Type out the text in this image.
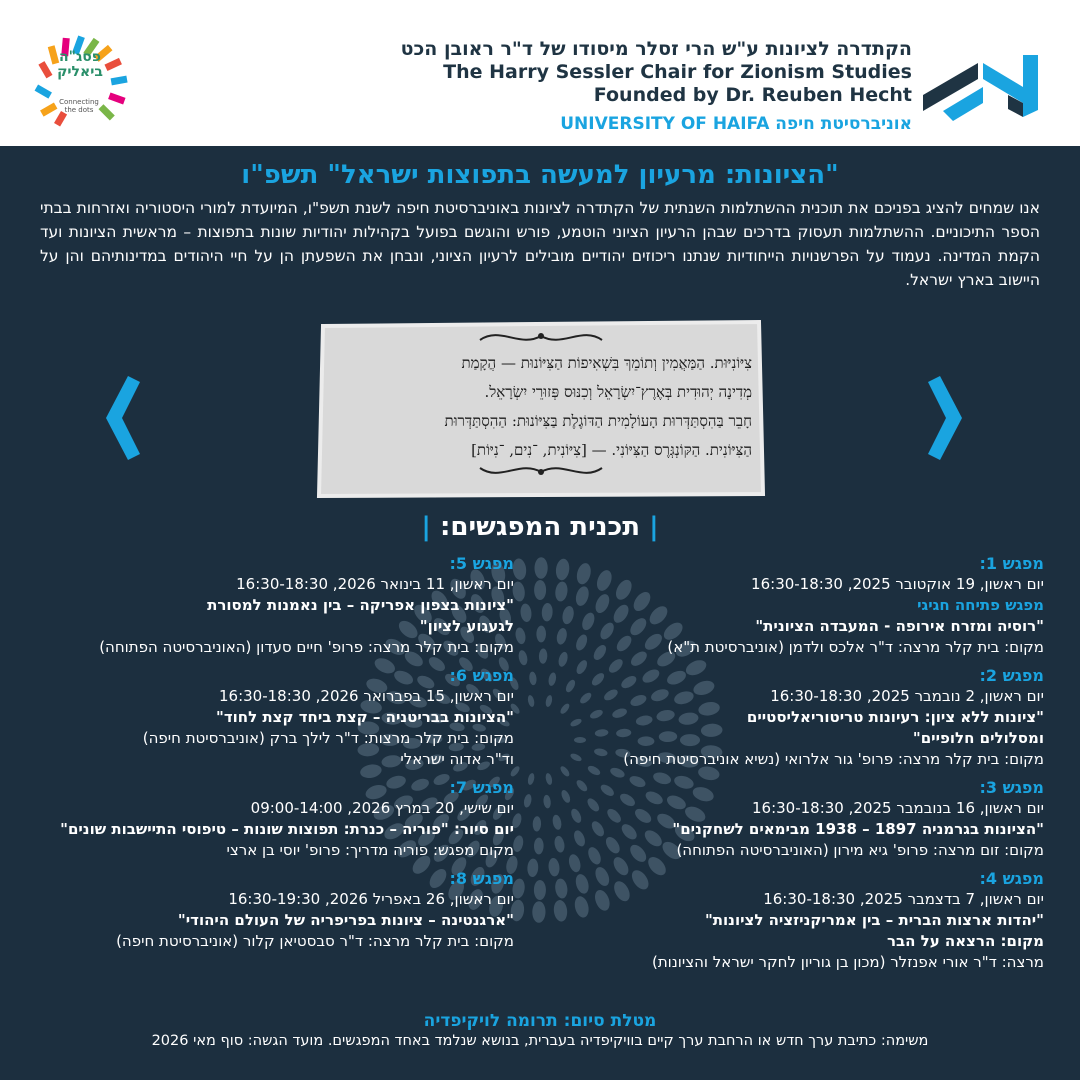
פסג"ה ביאליק
Connecting the dots
הקתדרה לציונות ע"ש הרי זסלר מיסודו של ד"ר ראובן הכט
The Harry Sessler Chair for Zionism Studies
Founded by Dr. Reuben Hecht
UNIVERSITY OF HAIFA אוניברסיטת חיפה
"הציונות: מרעיון למעשה בתפוצות ישראל" תשפ"ו
אנו שמחים להציג בפניכם את תוכנית ההשתלמות השנתית של הקתדרה לציונות באוניברסיטת חיפה לשנת תשפ"ו, המיועדת למורי היסטוריה ואזרחות בבתי הספר התיכוניים. ההשתלמות תעסוק בדרכים שבהן הרעיון הציוני הוטמע, פורש והוגשם בפועל בקהילות יהודיות שונות בתפוצות – מראשית הציונות ועד הקמת המדינה. נעמוד על הפרשנויות הייחודיות שנתנו ריכוזים יהודיים מובילים לרעיון הציוני, ונבחן את השפעתן הן על חיי היהודים במדינותיהם והן על היישוב בארץ ישראל.
צִיּוֹנִיּוּת. הַמַּאֲמִין וְתוֹמֵךְ בִּשְׁאִיפוֹת הַצִּיּוֹנוּת — הֲקָמַת
מְדִינָה יְהוּדִית בְּאֶרֶץ־יִשְׂרָאֵל וְכִנּוּס פְּזוּרֵי יִשְׂרָאֵל.
חָבֵר בַּהִסְתַּדְּרוּת הָעוֹלָמִית הַדּוֹגֶלֶת בַּצִּיּוֹנוּת: הַהִסְתַּדְּרוּת
הַצִּיּוֹנִית. הַקּוֹנְגְּרֶס הַצִּיּוֹנִי. — [צִיּוֹנִית, ־נִים, ־נִיּוֹת]
| תכנית המפגשים: |
מפגש 1:
יום ראשון, 19 אוקטובר 2025, 16:30-18:30
מפגש פתיחה חגיגי
"רוסיה ומזרח אירופה - המעבדה הציונית"
מקום: בית קלר מרצה: ד"ר אלכס ולדמן (אוניברסיטת ת"א)
מפגש 2:
יום ראשון, 2 נובמבר 2025, 16:30-18:30
"ציונות ללא ציון: רעיונות טריטוריאליסטיים ומסלולים חלופיים"
מקום: בית קלר מרצה: פרופ' גור אלרואי (נשיא אוניברסיטת חיפה)
מפגש 3:
יום ראשון, 16 בנובמבר 2025, 16:30-18:30
"הציונות בגרמניה 1897 – 1938 מבימאים לשחקנים"
מקום: זום מרצה: פרופ' גיא מירון (האוניברסיטה הפתוחה)
מפגש 4:
יום ראשון, 7 בדצמבר 2025, 16:30-18:30
"יהדות ארצות הברית – בין אמריקניזציה לציונות"
מקום: הרצאה על הבר
מרצה: ד"ר אורי אפנזלר (מכון בן גוריון לחקר ישראל והציונות)
מפגש 5:
יום ראשון, 11 בינואר 2026, 16:30-18:30
"ציונות בצפון אפריקה – בין נאמנות למסורת לגעגוע לציון"
מקום: בית קלר מרצה: פרופ' חיים סעדון (האוניברסיטה הפתוחה)
מפגש 6:
יום ראשון, 15 בפברואר 2026, 16:30-18:30
"הציונות בבריטניה – קצת ביחד קצת לחוד"
מקום: בית קלר מרצות: ד"ר לילך ברק (אוניברסיטת חיפה)
וד"ר אדוה ישראלי
מפגש 7:
יום שישי, 20 במרץ 2026, 09:00-14:00
יום סיור: "פוריה – כנרת: תפוצות שונות – טיפוסי התיישבות שונים"
מקום מפגש: פוריה מדריך: פרופ' יוסי בן ארצי
מפגש 8:
יום ראשון, 26 באפריל 2026, 16:30-19:30
"ארגנטינה – ציונות בפריפריה של העולם היהודי"
מקום: בית קלר מרצה: ד"ר סבסטיאן קלור (אוניברסיטת חיפה)
מטלת סיום: תרומה לויקיפדיה
משימה: כתיבת ערך חדש או הרחבת ערך קיים בוויקיפדיה בעברית, בנושא שנלמד באחד המפגשים. מועד הגשה: סוף מאי 2026
